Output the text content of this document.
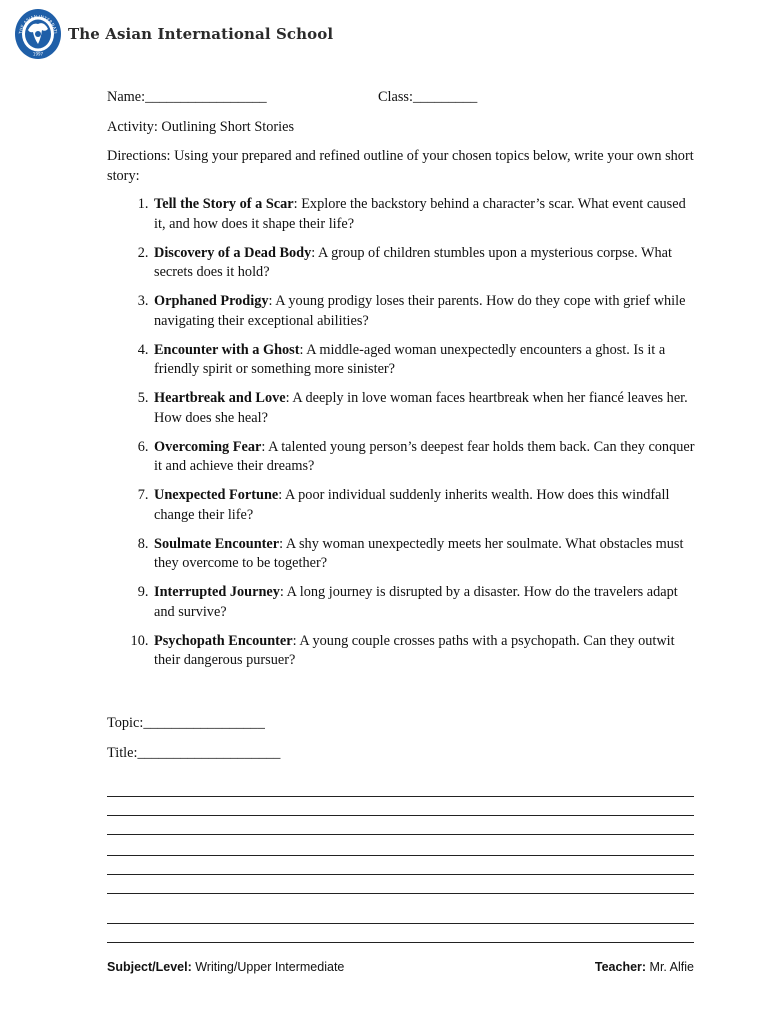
THE ASIAN INTERNATI
1997
The Asian International School
Name:_________________	Class:_________
Activity: Outlining Short Stories
Directions: Using your prepared and refined outline of your chosen topics below, write your own short story:
1. Tell the Story of a Scar: Explore the backstory behind a character’s scar. What event caused it, and how does it shape their life?
2. Discovery of a Dead Body: A group of children stumbles upon a mysterious corpse. What secrets does it hold?
3. Orphaned Prodigy: A young prodigy loses their parents. How do they cope with grief while navigating their exceptional abilities?
4. Encounter with a Ghost: A middle-aged woman unexpectedly encounters a ghost. Is it a friendly spirit or something more sinister?
5. Heartbreak and Love: A deeply in love woman faces heartbreak when her fiancé leaves her. How does she heal?
6. Overcoming Fear: A talented young person’s deepest fear holds them back. Can they conquer it and achieve their dreams?
7. Unexpected Fortune: A poor individual suddenly inherits wealth. How does this windfall change their life?
8. Soulmate Encounter: A shy woman unexpectedly meets her soulmate. What obstacles must they overcome to be together?
9. Interrupted Journey: A long journey is disrupted by a disaster. How do the travelers adapt and survive?
10. Psychopath Encounter: A young couple crosses paths with a psychopath. Can they outwit their dangerous pursuer?
Topic:_________________
Title:____________________
Subject/Level: Writing/Upper Intermediate	Teacher: Mr. Alfie
